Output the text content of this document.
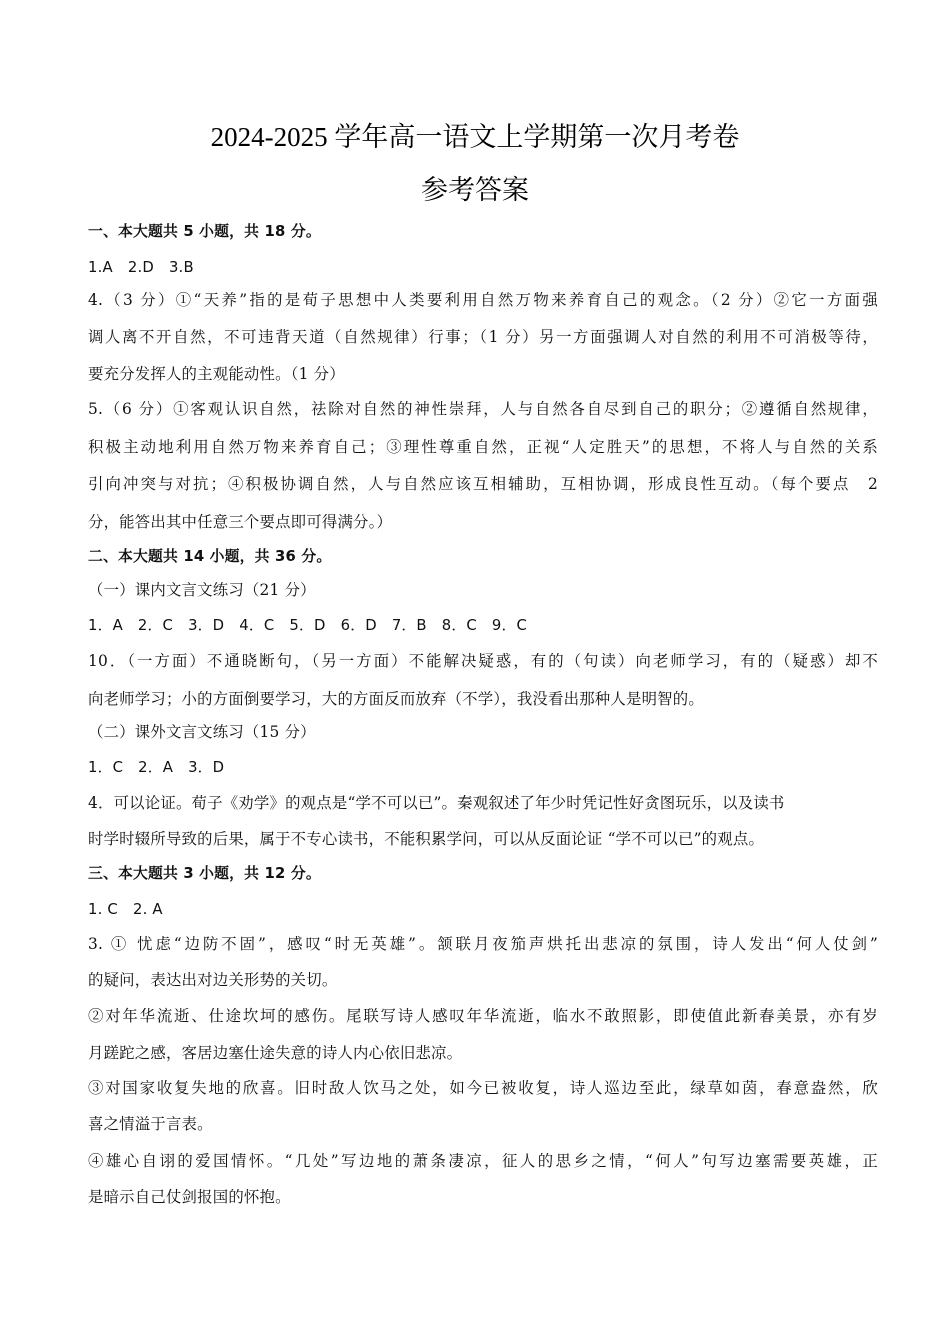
2024-2025 学年高一语文上学期第一次月考卷
参考答案
一、本大题共 5 小题，共 18 分。
1.A　2.D　3.B
4.（3 分）①“天养”指的是荀子思想中人类要利用自然万物来养育自己的观念。（2 分）②它一方面强
调人离不开自然，不可违背天道（自然规律）行事；（1 分）另一方面强调人对自然的利用不可消极等待，
要充分发挥人的主观能动性。（1 分）
5.（6 分）①客观认识自然，祛除对自然的神性崇拜，人与自然各自尽到自己的职分；②遵循自然规律，
积极主动地利用自然万物来养育自己；③理性尊重自然，正视“人定胜天”的思想，不将人与自然的关系
引向冲突与对抗；④积极协调自然，人与自然应该互相辅助，互相协调，形成良性互动。（每个要点　2
分，能答出其中任意三个要点即可得满分。）
二、本大题共 14 小题，共 36 分。
（一）课内文言文练习（21 分）
1．A　2．C　3．D　4．C　5．D　6．D　7．B　8．C　9．C
10．（一方面）不通晓断句，（另一方面）不能解决疑惑，有的（句读）向老师学习，有的（疑惑）却不
向老师学习；小的方面倒要学习，大的方面反而放弃（不学），我没看出那种人是明智的。
（二）课外文言文练习（15 分）
1．C　2．A　3．D
4．可以论证。荀子《劝学》的观点是“学不可以已”。秦观叙述了年少时凭记性好贪图玩乐，以及读书
时学时辍所导致的后果，属于不专心读书，不能积累学问，可以从反面论证 “学不可以已”的观点。
三、本大题共 3 小题，共 12 分。
1. C　2. A
3. ① 忧虑“边防不固”，感叹“时无英雄”。颔联月夜笳声烘托出悲凉的氛围，诗人发出“何人仗剑”
的疑问，表达出对边关形势的关切。
②对年华流逝、仕途坎坷的感伤。尾联写诗人感叹年华流逝，临水不敢照影，即使值此新春美景，亦有岁
月蹉跎之感，客居边塞仕途失意的诗人内心依旧悲凉。
③对国家收复失地的欣喜。旧时敌人饮马之处，如今已被收复，诗人巡边至此，绿草如茵，春意盎然，欣
喜之情溢于言表。
④雄心自诩的爱国情怀。“几处”写边地的萧条凄凉，征人的思乡之情，“何人”句写边塞需要英雄，正
是暗示自己仗剑报国的怀抱。
